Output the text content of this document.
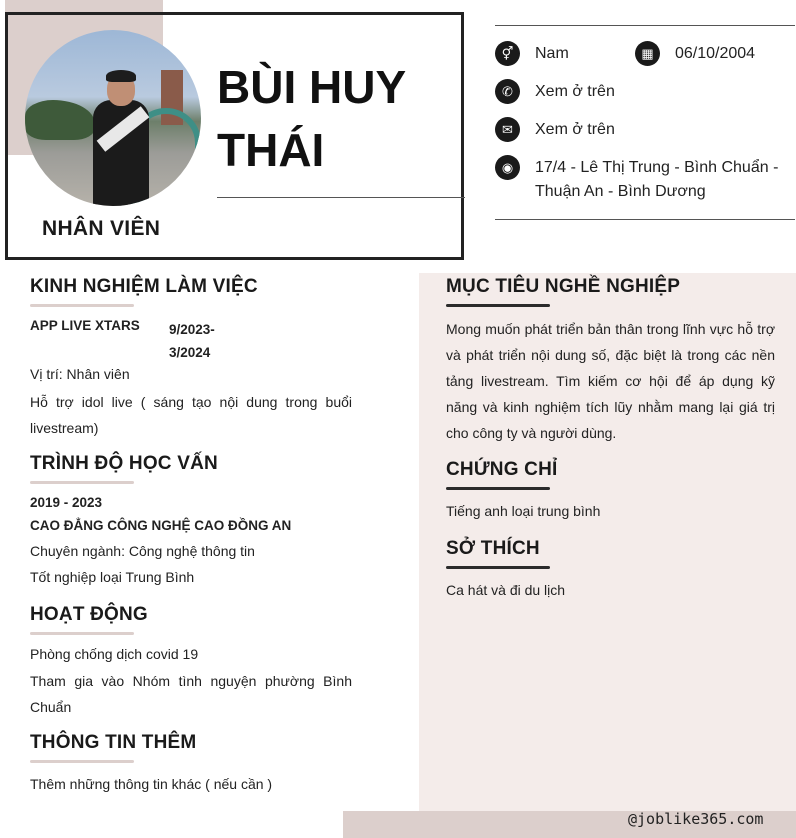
NHÂN VIÊN
BÙI HUY THÁI
⚥	Nam	▦	06/10/2004
✆	Xem ở trên
✉	Xem ở trên
◉	17/4 - Lê Thị Trung - Bình Chuẩn - Thuận An - Bình Dương
KINH NGHIỆM LÀM VIỆC
APP LIVE XTARS 9/2023-3/2024
Vị trí: Nhân viên
Hỗ trợ idol live ( sáng tạo nội dung trong buổi livestream)
TRÌNH ĐỘ HỌC VẤN
2019 - 2023
CAO ĐẲNG CÔNG NGHỆ CAO ĐỒNG AN
Chuyên ngành: Công nghệ thông tin
Tốt nghiệp loại Trung Bình
HOẠT ĐỘNG
Phòng chống dịch covid 19
Tham gia vào Nhóm tình nguyện phường Bình Chuẩn
THÔNG TIN THÊM
Thêm những thông tin khác ( nếu cần )
MỤC TIÊU NGHỀ NGHIỆP
Mong muốn phát triển bản thân trong lĩnh vực hỗ trợ và phát triển nội dung số, đặc biệt là trong các nền tảng livestream. Tìm kiếm cơ hội để áp dụng kỹ năng và kinh nghiệm tích lũy nhằm mang lại giá trị cho công ty và người dùng.
CHỨNG CHỈ
Tiếng anh loại trung bình
SỞ THÍCH
Ca hát và đi du lịch
@joblike365.com
